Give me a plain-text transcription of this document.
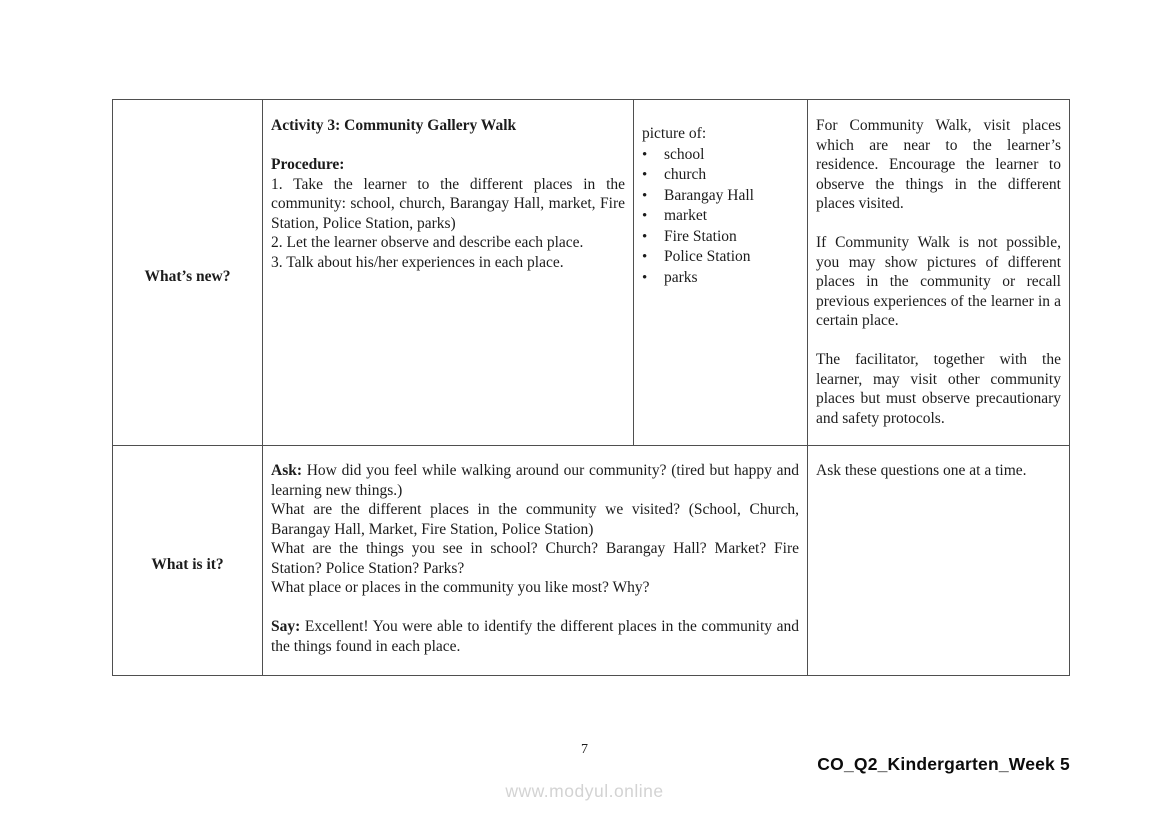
What’s new?
Activity 3: Community Gallery Walk
Procedure:
1. Take the learner to the different places in the community: school, church, Barangay Hall, market, Fire Station, Police Station, parks)
2. Let the learner observe and describe each place.
3. Talk about his/her experiences in each place.
picture of:
• school
• church
• Barangay Hall
• market
• Fire Station
• Police Station
• parks
For Community Walk, visit places which are near to the learner’s residence. Encourage the learner to observe the things in the different places visited.
If Community Walk is not possible, you may show pictures of different places in the community or recall previous experiences of the learner in a certain place.
The facilitator, together with the learner, may visit other community places but must observe precautionary and safety protocols.
What is it?
Ask: How did you feel while walking around our community? (tired but happy and learning new things.)
What are the different places in the community we visited? (School, Church, Barangay Hall, Market, Fire Station, Police Station)
What are the things you see in school? Church? Barangay Hall? Market? Fire Station? Police Station? Parks?
What place or places in the community you like most? Why?
Say: Excellent! You were able to identify the different places in the community and the things found in each place.
Ask these questions one at a time.
7
CO_Q2_Kindergarten_Week 5
www.modyul.online
